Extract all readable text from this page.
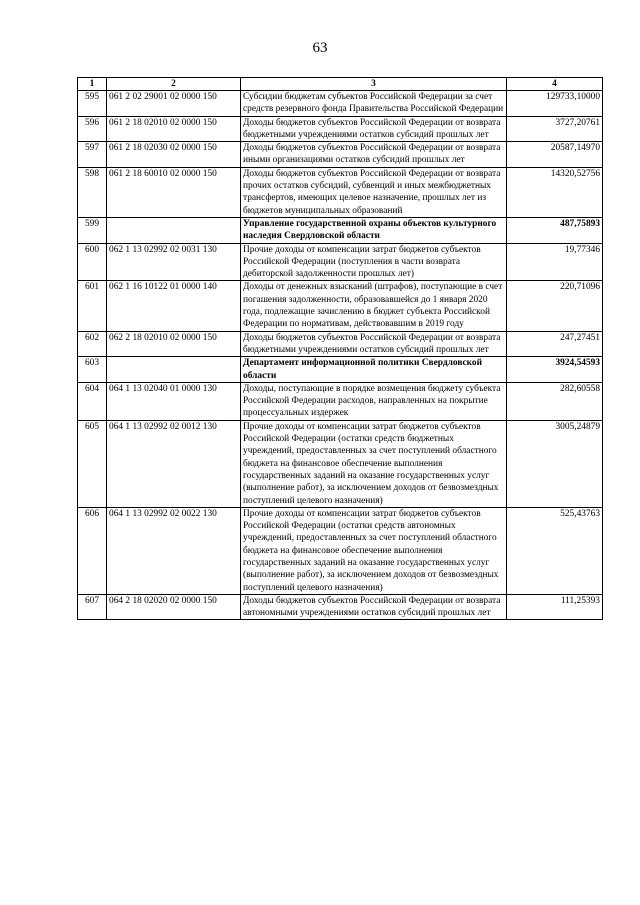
63
1	2	3	4
595	061 2 02 29001 02 0000 150	Субсидии бюджетам субъектов Российской Федерации за счет средств резервного фонда Правительства Российской Федерации	129733,10000
596	061 2 18 02010 02 0000 150	Доходы бюджетов субъектов Российской Федерации от возврата бюджетными учреждениями остатков субсидий прошлых лет	3727,20761
597	061 2 18 02030 02 0000 150	Доходы бюджетов субъектов Российской Федерации от возврата иными организациями остатков субсидий прошлых лет	20587,14970
598	061 2 18 60010 02 0000 150	Доходы бюджетов субъектов Российской Федерации от возврата прочих остатков субсидий, субвенций и иных межбюджетных трансфертов, имеющих целевое назначение, прошлых лет из бюджетов муниципальных образований	14320,52756
599		Управление государственной охраны объектов культурного наследия Свердловской области	487,75893
600	062 1 13 02992 02 0031 130	Прочие доходы от компенсации затрат бюджетов субъектов Российской Федерации (поступления в части возврата дебиторской задолженности прошлых лет)	19,77346
601	062 1 16 10122 01 0000 140	Доходы от денежных взысканий (штрафов), поступающие в счет погашения задолженности, образовавшейся до 1 января 2020 года, подлежащие зачислению в бюджет субъекта Российской Федерации по нормативам, действовавшим в 2019 году	220,71096
602	062 2 18 02010 02 0000 150	Доходы бюджетов субъектов Российской Федерации от возврата бюджетными учреждениями остатков субсидий прошлых лет	247,27451
603		Департамент информационной политики Свердловской области	3924,54593
604	064 1 13 02040 01 0000 130	Доходы, поступающие в порядке возмещения бюджету субъекта Российской Федерации расходов, направленных на покрытие процессуальных издержек	282,60558
605	064 1 13 02992 02 0012 130	Прочие доходы от компенсации затрат бюджетов субъектов Российской Федерации (остатки средств бюджетных учреждений, предоставленных за счет поступлений областного бюджета на финансовое обеспечение выполнения государственных заданий на оказание государственных услуг (выполнение работ), за исключением доходов от безвозмездных поступлений целевого назначения)	3005,24879
606	064 1 13 02992 02 0022 130	Прочие доходы от компенсации затрат бюджетов субъектов Российской Федерации (остатки средств автономных учреждений, предоставленных за счет поступлений областного бюджета на финансовое обеспечение выполнения государственных заданий на оказание государственных услуг (выполнение работ), за исключением доходов от безвозмездных поступлений целевого назначения)	525,43763
607	064 2 18 02020 02 0000 150	Доходы бюджетов субъектов Российской Федерации от возврата автономными учреждениями остатков субсидий прошлых лет	111,25393
